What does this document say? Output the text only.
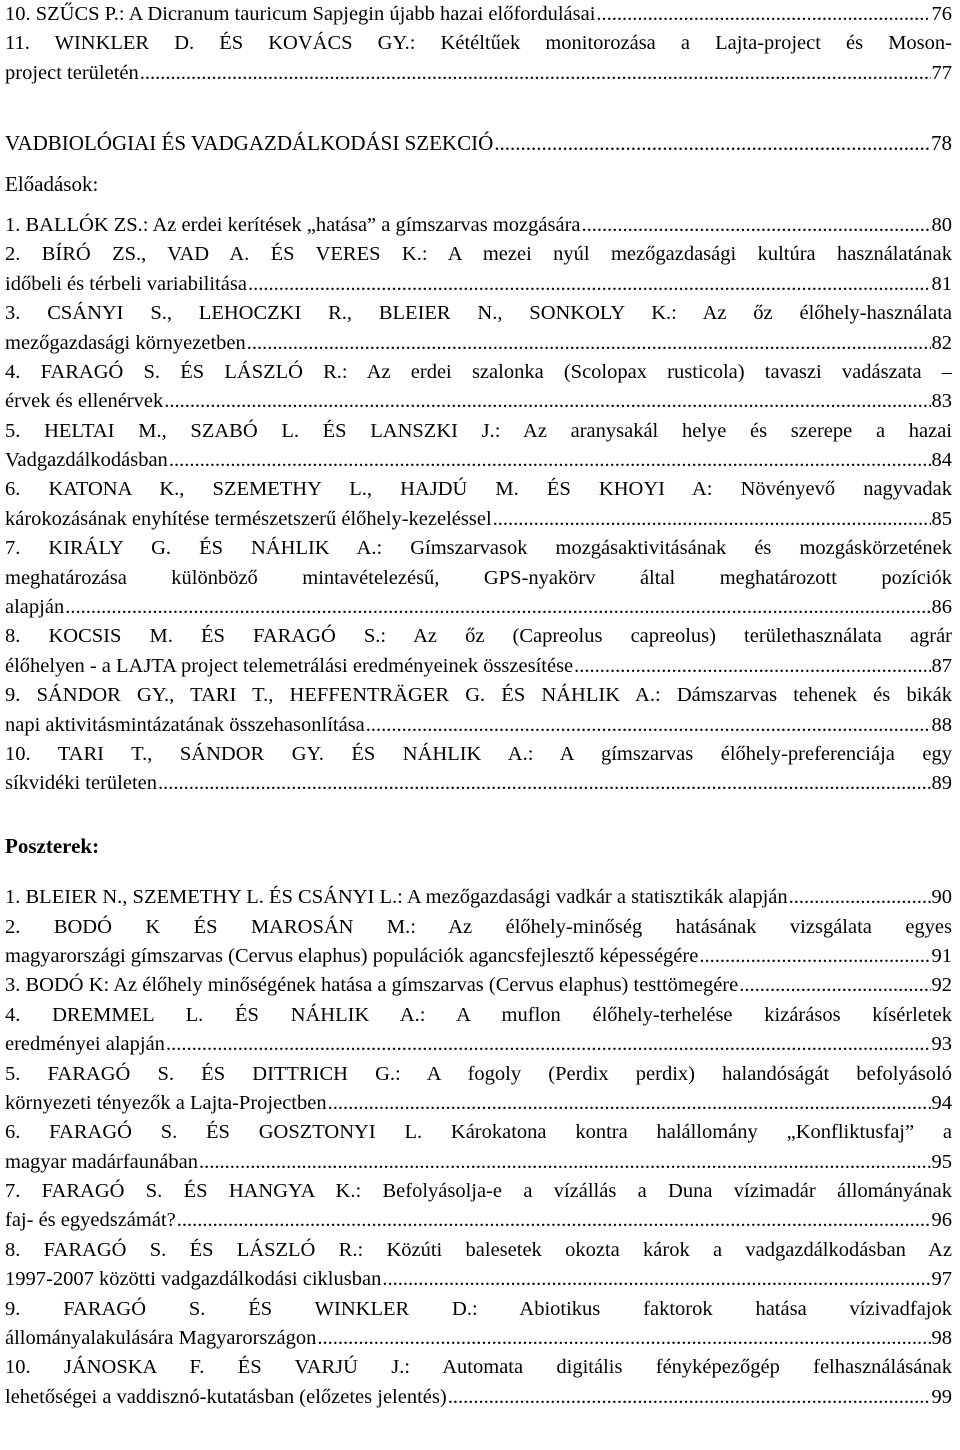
10. SZŰCS P.: A Dicranum tauricum Sapjegin újabb hazai előfordulásai .....	76
11. WINKLER D. ÉS KOVÁCS GY.: Kétéltűek monitorozása a Lajta-project és Moson-
project területén .....	77
VADBIOLÓGIAI ÉS VADGAZDÁLKODÁSI SZEKCIÓ .....	78
Előadások:
1. BALLÓK ZS.: Az erdei kerítések „hatása” a gímszarvas mozgására .....	80
2. BÍRÓ ZS., VAD A. ÉS VERES K.: A mezei nyúl mezőgazdasági kultúra használatának
időbeli és térbeli variabilitása .....	81
3. CSÁNYI S., LEHOCZKI R., BLEIER N., SONKOLY K.: Az őz élőhely-használata
mezőgazdasági környezetben .....	82
4. FARAGÓ S. ÉS LÁSZLÓ R.: Az erdei szalonka (Scolopax rusticola) tavaszi vadászata –
érvek és ellenérvek .....	83
5. HELTAI M., SZABÓ L. ÉS LANSZKI J.: Az aranysakál helye és szerepe a hazai
Vadgazdálkodásban .....	84
6. KATONA K., SZEMETHY L., HAJDÚ M. ÉS KHOYI A: Növényevő nagyvadak
károkozásának enyhítése természetszerű élőhely-kezeléssel .....	85
7. KIRÁLY G. ÉS NÁHLIK A.: Gímszarvasok mozgásaktivitásának és mozgáskörzetének
meghatározása különböző mintavételezésű, GPS-nyakörv által meghatározott pozíciók
alapján .....	86
8. KOCSIS M. ÉS FARAGÓ S.: Az őz (Capreolus capreolus) területhasználata agrár
élőhelyen - a LAJTA project telemetrálási eredményeinek összesítése .....	87
9. SÁNDOR GY., TARI T., HEFFENTRÄGER G. ÉS NÁHLIK A.: Dámszarvas tehenek és bikák
napi aktivitásmintázatának összehasonlítása .....	88
10. TARI T., SÁNDOR GY. ÉS NÁHLIK A.: A gímszarvas élőhely-preferenciája egy
síkvidéki területen .....	89
Poszterek:
1. BLEIER N., SZEMETHY L. ÉS CSÁNYI L.: A mezőgazdasági vadkár a statisztikák alapján .....	90
2. BODÓ K ÉS MAROSÁN M.: Az élőhely-minőség hatásának vizsgálata egyes
magyarországi gímszarvas (Cervus elaphus) populációk agancsfejlesztő képességére .....	91
3. BODÓ K: Az élőhely minőségének hatása a gímszarvas (Cervus elaphus) testtömegére .....	92
4. DREMMEL L. ÉS NÁHLIK A.: A muflon élőhely-terhelése kizárásos kísérletek
eredményei alapján .....	93
5. FARAGÓ S. ÉS DITTRICH G.: A fogoly (Perdix perdix) halandóságát befolyásoló
környezeti tényezők a Lajta-Projectben .....	94
6. FARAGÓ S. ÉS GOSZTONYI L. Károkatona kontra halállomány „Konfliktusfaj” a
magyar madárfaunában .....	95
7. FARAGÓ S. ÉS HANGYA K.: Befolyásolja-e a vízállás a Duna vízimadár állományának
faj- és egyedszámát? .....	96
8. FARAGÓ S. ÉS LÁSZLÓ R.: Közúti balesetek okozta károk a vadgazdálkodásban Az
1997-2007 közötti vadgazdálkodási ciklusban .....	97
9. FARAGÓ S. ÉS WINKLER D.: Abiotikus faktorok hatása vízivadfajok
állományalakulására Magyarországon .....	98
10. JÁNOSKA F. ÉS VARJÚ J.: Automata digitális fényképezőgép felhasználásának
lehetőségei a vaddisznó-kutatásban (előzetes jelentés) .....	99
